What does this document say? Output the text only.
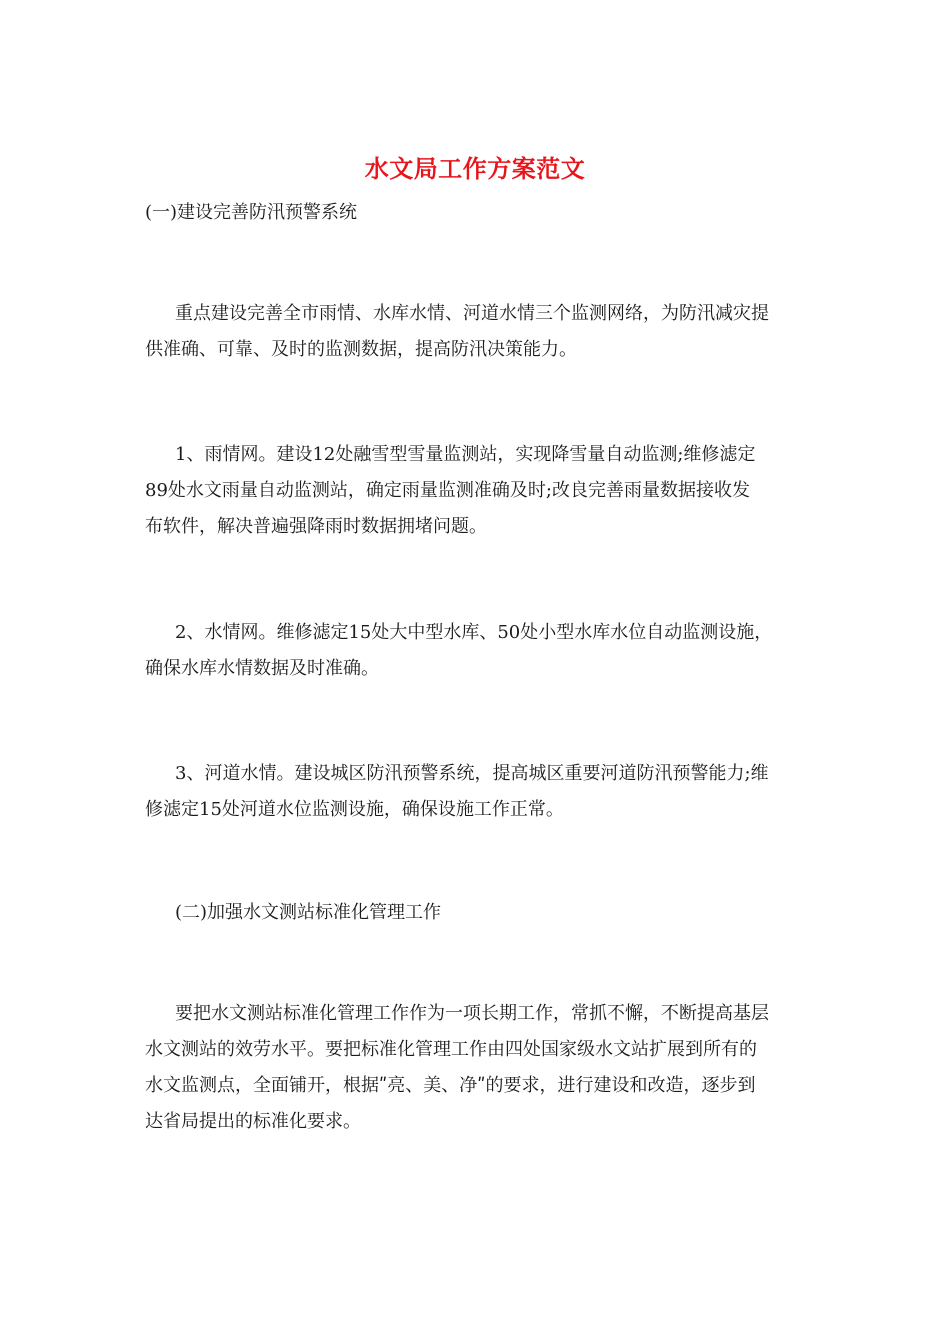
水文局工作方案范文
(一)建设完善防汛预警系统
重点建设完善全市雨情、水库水情、河道水情三个监测网络，为防汛减灾提
供准确、可靠、及时的监测数据，提高防汛决策能力。
1、雨情网。建设12处融雪型雪量监测站，实现降雪量自动监测;维修滤定
89处水文雨量自动监测站，确定雨量监测准确及时;改良完善雨量数据接收发
布软件，解决普遍强降雨时数据拥堵问题。
2、水情网。维修滤定15处大中型水库、50处小型水库水位自动监测设施，
确保水库水情数据及时准确。
3、河道水情。建设城区防汛预警系统，提高城区重要河道防汛预警能力;维
修滤定15处河道水位监测设施，确保设施工作正常。
(二)加强水文测站标准化管理工作
要把水文测站标准化管理工作作为一项长期工作，常抓不懈，不断提高基层
水文测站的效劳水平。要把标准化管理工作由四处国家级水文站扩展到所有的
水文监测点，全面铺开，根据ʺ亮、美、净ʺ的要求，进行建设和改造，逐步到
达省局提出的标准化要求。
